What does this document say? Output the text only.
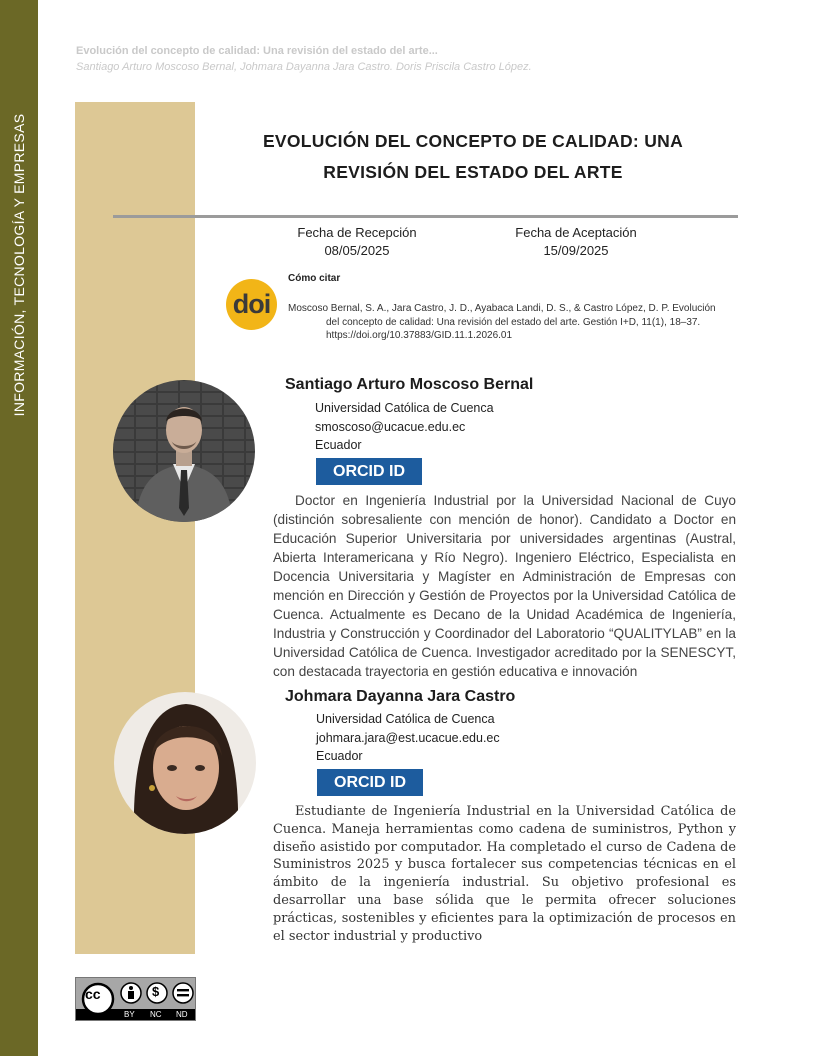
INFORMACIÓN, TECNOLOGÍA Y EMPRESAS
Evolución del concepto de calidad: Una revisión del estado del arte...
Santiago Arturo Moscoso Bernal, Johmara Dayanna Jara Castro. Doris Priscila Castro López.
EVOLUCIÓN DEL CONCEPTO DE CALIDAD: UNA
REVISIÓN DEL ESTADO DEL ARTE
Fecha de Recepción
08/05/2025
Fecha de Aceptación
15/09/2025
doi
Cómo citar
Moscoso Bernal, S. A., Jara Castro, J. D., Ayabaca Landi, D. S., & Castro López, D. P. Evolución
del concepto de calidad: Una revisión del estado del arte. Gestión I+D, 11(1), 18–37.
https://doi.org/10.37883/GID.11.1.2026.01
Santiago Arturo Moscoso Bernal
Universidad Católica de Cuenca
smoscoso@ucacue.edu.ec
Ecuador
ORCID ID
Doctor en Ingeniería Industrial por la Universidad Nacional de Cuyo (distinción sobresaliente con mención de honor). Candidato a Doctor en Educación Superior Universitaria por universidades argentinas (Austral, Abierta Interamericana y Río Negro). Ingeniero Eléctrico, Especialista en Docencia Universitaria y Magíster en Administración de Empresas con mención en Dirección y Gestión de Proyectos por la Universidad Católica de Cuenca. Actualmente es Decano de la Unidad Académica de Ingeniería, Industria y Construcción y Coordinador del Laboratorio “QUALITYLAB” en la Universidad Católica de Cuenca. Investigador acreditado por la SENESCYT, con destacada trayectoria en gestión educativa e innovación
Johmara Dayanna Jara Castro
Universidad Católica de Cuenca
johmara.jara@est.ucacue.edu.ec
Ecuador
ORCID ID
Estudiante de Ingeniería Industrial en la Universidad Católica de Cuenca. Maneja herramientas como cadena de suministros, Python y diseño asistido por computador. Ha completado el curso de Cadena de Suministros 2025 y busca fortalecer sus competencias técnicas en el ámbito de la ingeniería industrial. Su objetivo profesional es desarrollar una base sólida que le permita ofrecer soluciones prácticas, sostenibles y eficientes para la optimización de procesos en el sector industrial y productivo
cc	$
BY NC ND
